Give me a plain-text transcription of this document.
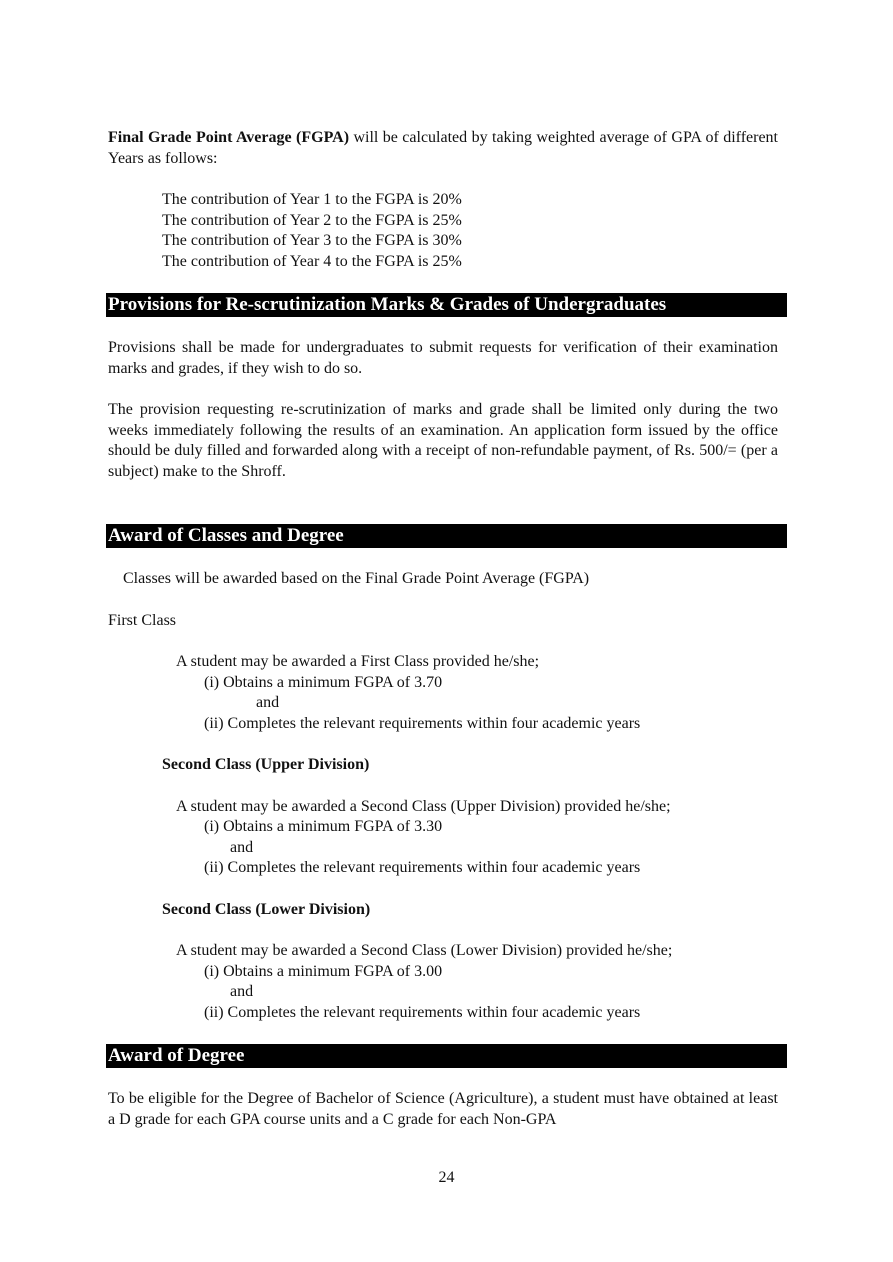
Final Grade Point Average (FGPA) will be calculated by taking weighted average of GPA of different Years as follows:

The contribution of Year 1 to the FGPA is 20%
The contribution of Year 2 to the FGPA is 25%
The contribution of Year 3 to the FGPA is 30%
The contribution of Year 4 to the FGPA is 25%
Provisions for Re-scrutinization Marks & Grades of Undergraduates

Provisions shall be made for undergraduates to submit requests for verification of their examination marks and grades, if they wish to do so.

The provision requesting re-scrutinization of marks and grade shall be limited only during the two weeks immediately following the results of an examination. An application form issued by the office should be duly filled and forwarded along with a receipt of non-refundable payment, of Rs. 500/= (per a subject) make to the Shroff.

Award of Classes and Degree

Classes will be awarded based on the Final Grade Point Average (FGPA)

First Class

A student may be awarded a First Class provided he/she;

(i) Obtains a minimum FGPA of 3.70
and
(ii) Completes the relevant requirements within four academic years

Second Class (Upper Division)

A student may be awarded a Second Class (Upper Division) provided he/she;

(i) Obtains a minimum FGPA of 3.30
and
(ii) Completes the relevant requirements within four academic years

Second Class (Lower Division)

A student may be awarded a Second Class (Lower Division) provided he/she;

(i) Obtains a minimum FGPA of 3.00
and
(ii) Completes the relevant requirements within four academic years
Award of Degree

To be eligible for the Degree of Bachelor of Science (Agriculture), a student must have obtained at least a D grade for each GPA course units and a C grade for each Non-GPA

24
